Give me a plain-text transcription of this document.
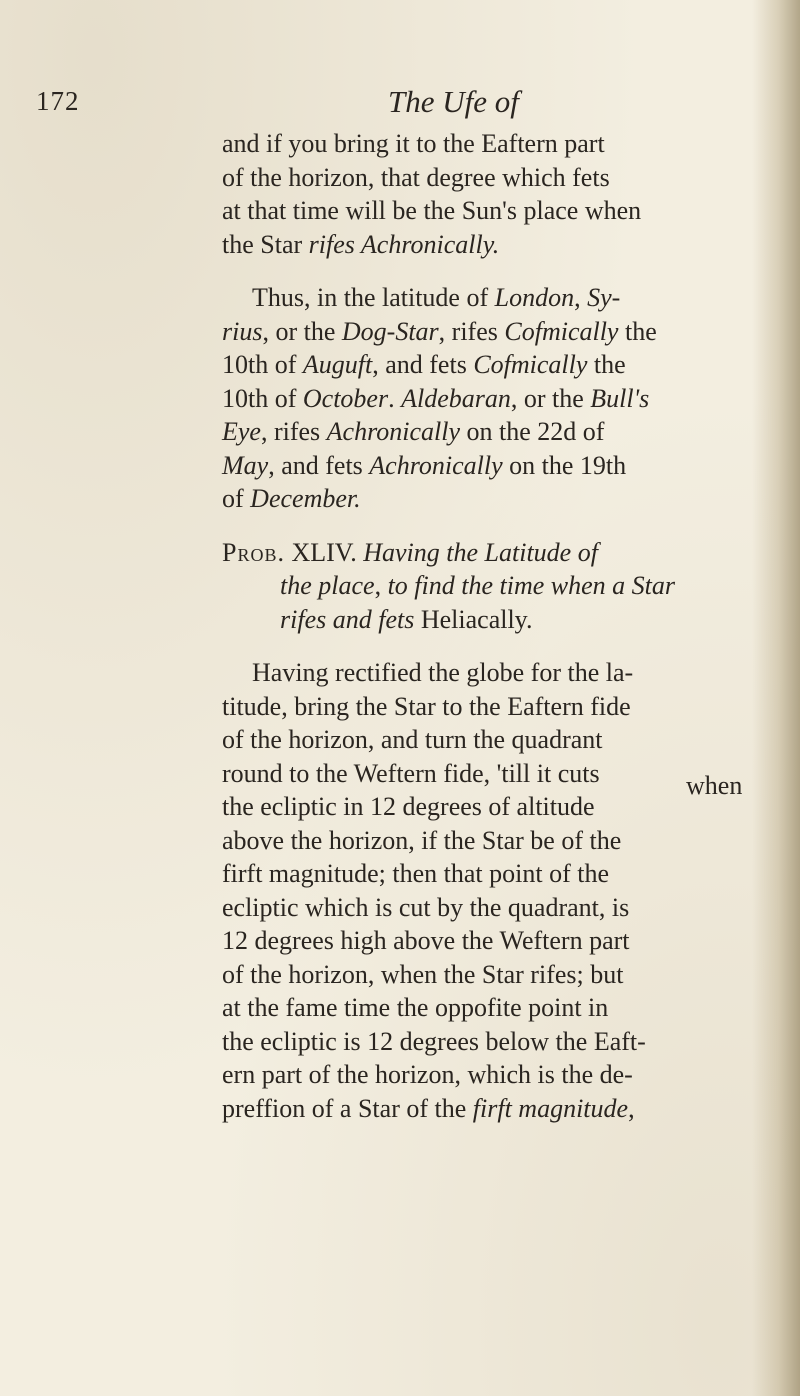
172	The Ufe of
and if you bring it to the Eaftern part
of the horizon, that degree which fets
at that time will be the Sun's place when
the Star rifes Achronically.
Thus, in the latitude of London, Sy-
rius, or the Dog-Star, rifes Cofmically the
10th of Auguft, and fets Cofmically the
10th of October. Aldebaran, or the Bull's
Eye, rifes Achronically on the 22d of
May, and fets Achronically on the 19th
of December.
Prob. XLIV. Having the Latitude of
the place, to find the time when a Star
rifes and fets Heliacally.
Having rectified the globe for the la-
titude, bring the Star to the Eaftern fide
of the horizon, and turn the quadrant
round to the Weftern fide, 'till it cuts
the ecliptic in 12 degrees of altitude
above the horizon, if the Star be of the
firft magnitude; then that point of the
ecliptic which is cut by the quadrant, is
12 degrees high above the Weftern part
of the horizon, when the Star rifes; but
at the fame time the oppofite point in
the ecliptic is 12 degrees below the Eaft-
ern part of the horizon, which is the de-
preffion of a Star of the firft magnitude,
when
